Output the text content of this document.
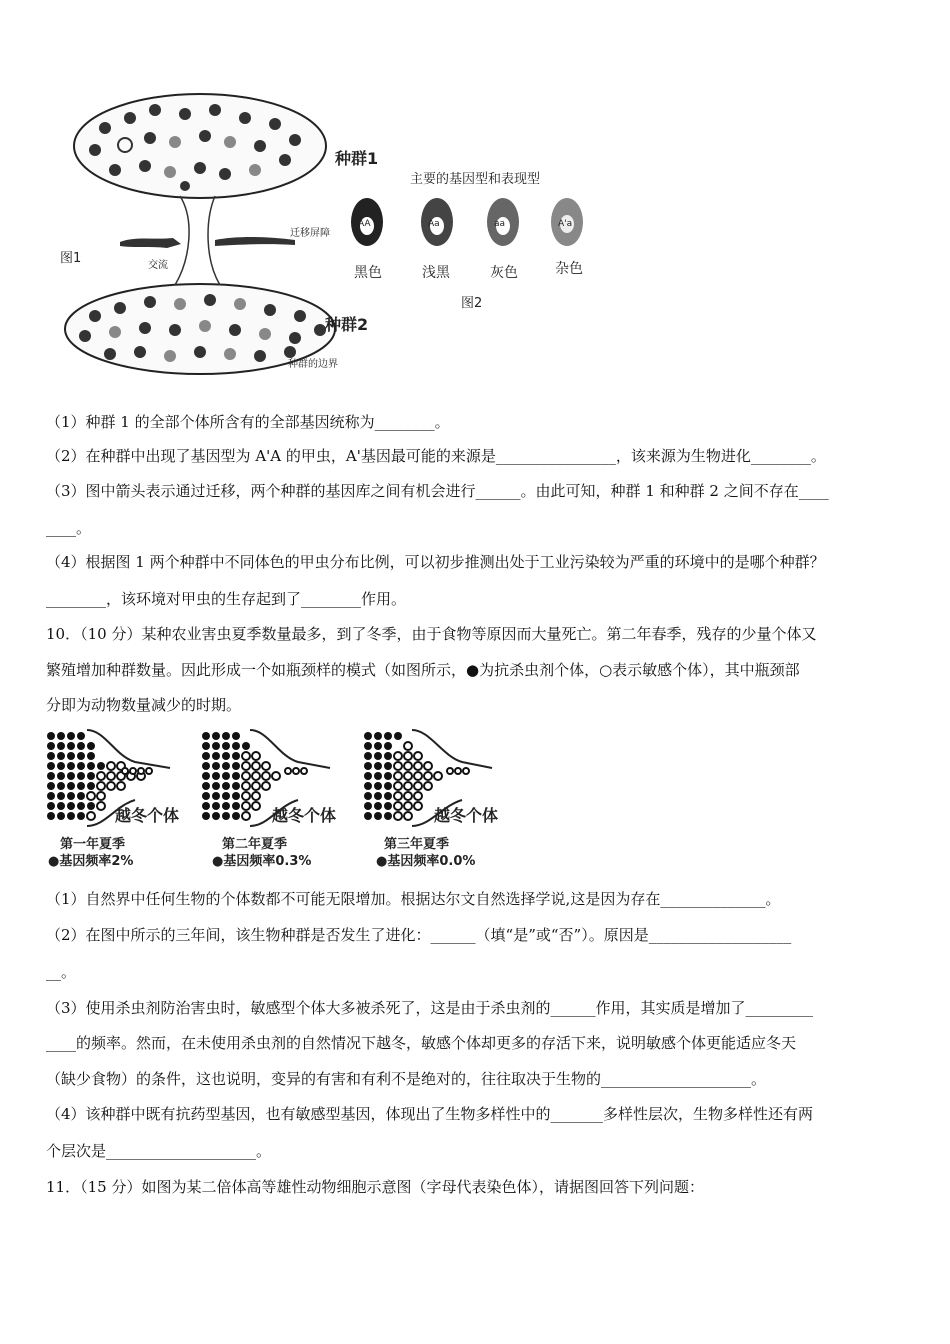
种群1
种群2
图1	交流
迁移屏障
种群的边界
主要的基因型和表现型
AA	Aa	aa	A'a
黑色	浅黑	灰色	杂色
图2
（1）种群 1 的全部个体所含有的全部基因统称为________。
（2）在种群中出现了基因型为 A'A 的甲虫，A'基因最可能的来源是________________，该来源为生物进化________。
（3）图中箭头表示通过迁移，两个种群的基因库之间有机会进行______。由此可知，种群 1 和种群 2 之间不存在____
____。
（4）根据图 1 两个种群中不同体色的甲虫分布比例，可以初步推测出处于工业污染较为严重的环境中的是哪个种群？
________，该环境对甲虫的生存起到了________作用。
10．（10 分）某种农业害虫夏季数量最多，到了冬季，由于食物等原因而大量死亡。第二年春季，残存的少量个体又
繁殖增加种群数量。因此形成一个如瓶颈样的模式（如图所示，●为抗杀虫剂个体，○表示敏感个体），其中瓶颈部
分即为动物数量减少的时期。
越冬个体	越冬个体	越冬个体
第一年夏季	第二年夏季	第三年夏季
●基因频率2%	●基因频率0.3%	●基因频率0.0%
（1）自然界中任何生物的个体数都不可能无限增加。根据达尔文自然选择学说,这是因为存在______________。
（2）在图中所示的三年间，该生物种群是否发生了进化：______（填“是”或“否”）。原因是___________________
__。
（3）使用杀虫剂防治害虫时，敏感型个体大多被杀死了，这是由于杀虫剂的______作用，其实质是增加了_________
____的频率。然而，在未使用杀虫剂的自然情况下越冬，敏感个体却更多的存活下来，说明敏感个体更能适应冬天
（缺少食物）的条件，这也说明，变异的有害和有利不是绝对的，往往取决于生物的____________________。
（4）该种群中既有抗药型基因，也有敏感型基因，体现出了生物多样性中的_______多样性层次，生物多样性还有两
个层次是____________________。
11．（15 分）如图为某二倍体高等雄性动物细胞示意图（字母代表染色体），请据图回答下列问题：
